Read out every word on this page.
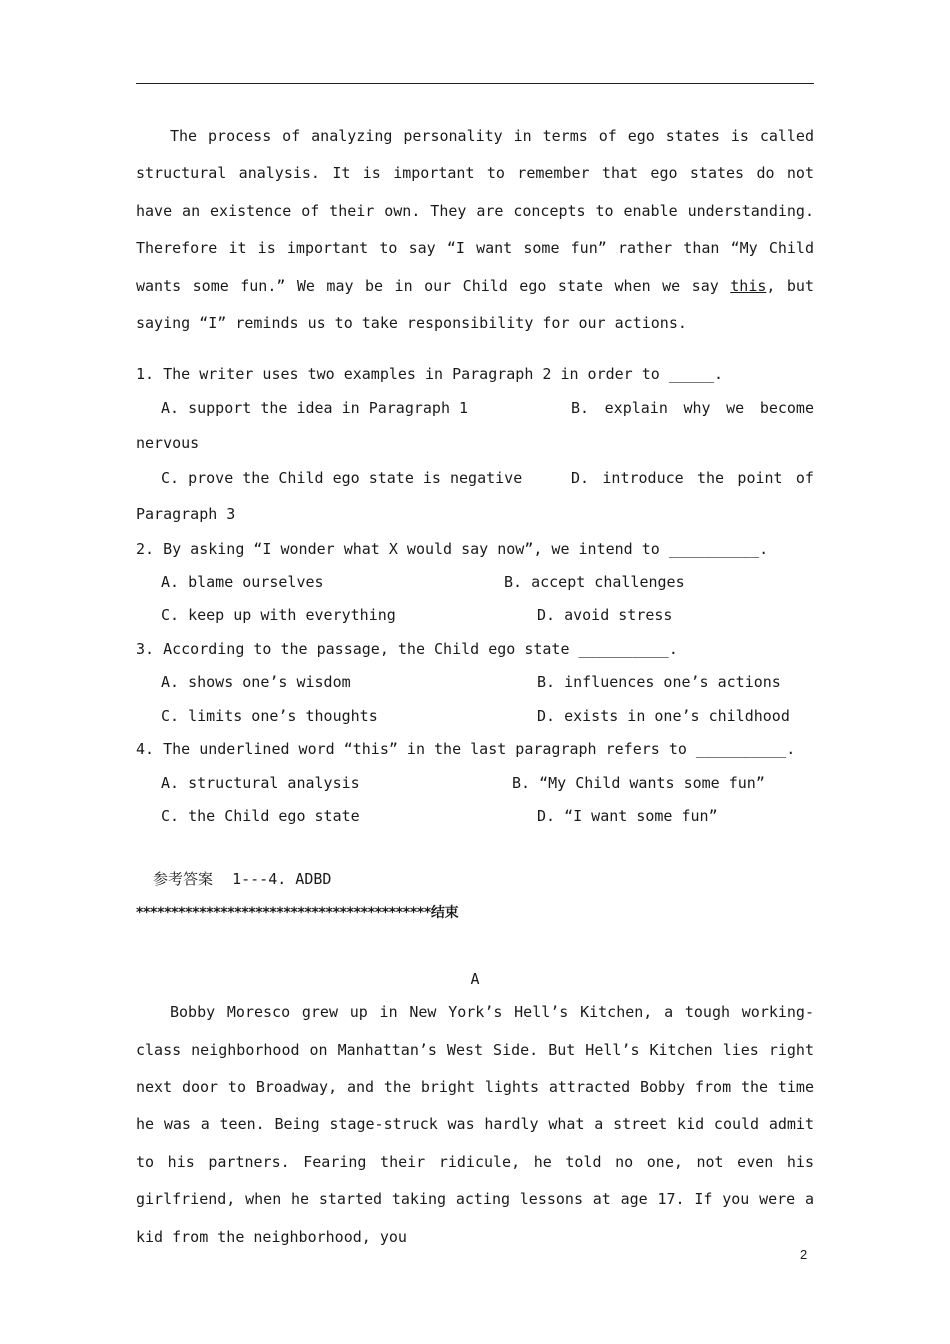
The process of analyzing personality in terms of ego states is called structural analysis. It is important to remember that ego states do not have an existence of their own. They are concepts to enable understanding. Therefore it is important to say “I want some fun” rather than “My Child wants some fun.” We may be in our Child ego state when we say this, but saying “I” reminds us to take responsibility for our actions.

1. The writer uses two examples in Paragraph 2 in order to _____.

A. support the idea in Paragraph 1	B. explain why we become

nervous

C. prove the Child ego state is negative	D. introduce the point of

Paragraph 3

2. By asking “I wonder what X would say now”, we intend to __________.

A. blame ourselves	B. accept challenges
C. keep up with everything	D. avoid stress

3. According to the passage, the Child ego state __________.

A. shows one’s wisdom	B. influences one’s actions
C. limits one’s thoughts	D. exists in one’s childhood

4. The underlined word “this” in the last paragraph refers to __________.

A. structural analysis	B. “My Child wants some fun”
C. the Child ego state	D. “I want some fun”
参考答案 1---4. ADBD
******************************************结束
A

Bobby Moresco grew up in New York’s Hell’s Kitchen, a tough working-class neighborhood on Manhattan’s West Side. But Hell’s Kitchen lies right next door to Broadway, and the bright lights attracted Bobby from the time he was a teen. Being stage-struck was hardly what a street kid could admit to his partners. Fearing their ridicule, he told no one, not even his girlfriend, when he started taking acting lessons at age 17. If you were a kid from the neighborhood, you

2
